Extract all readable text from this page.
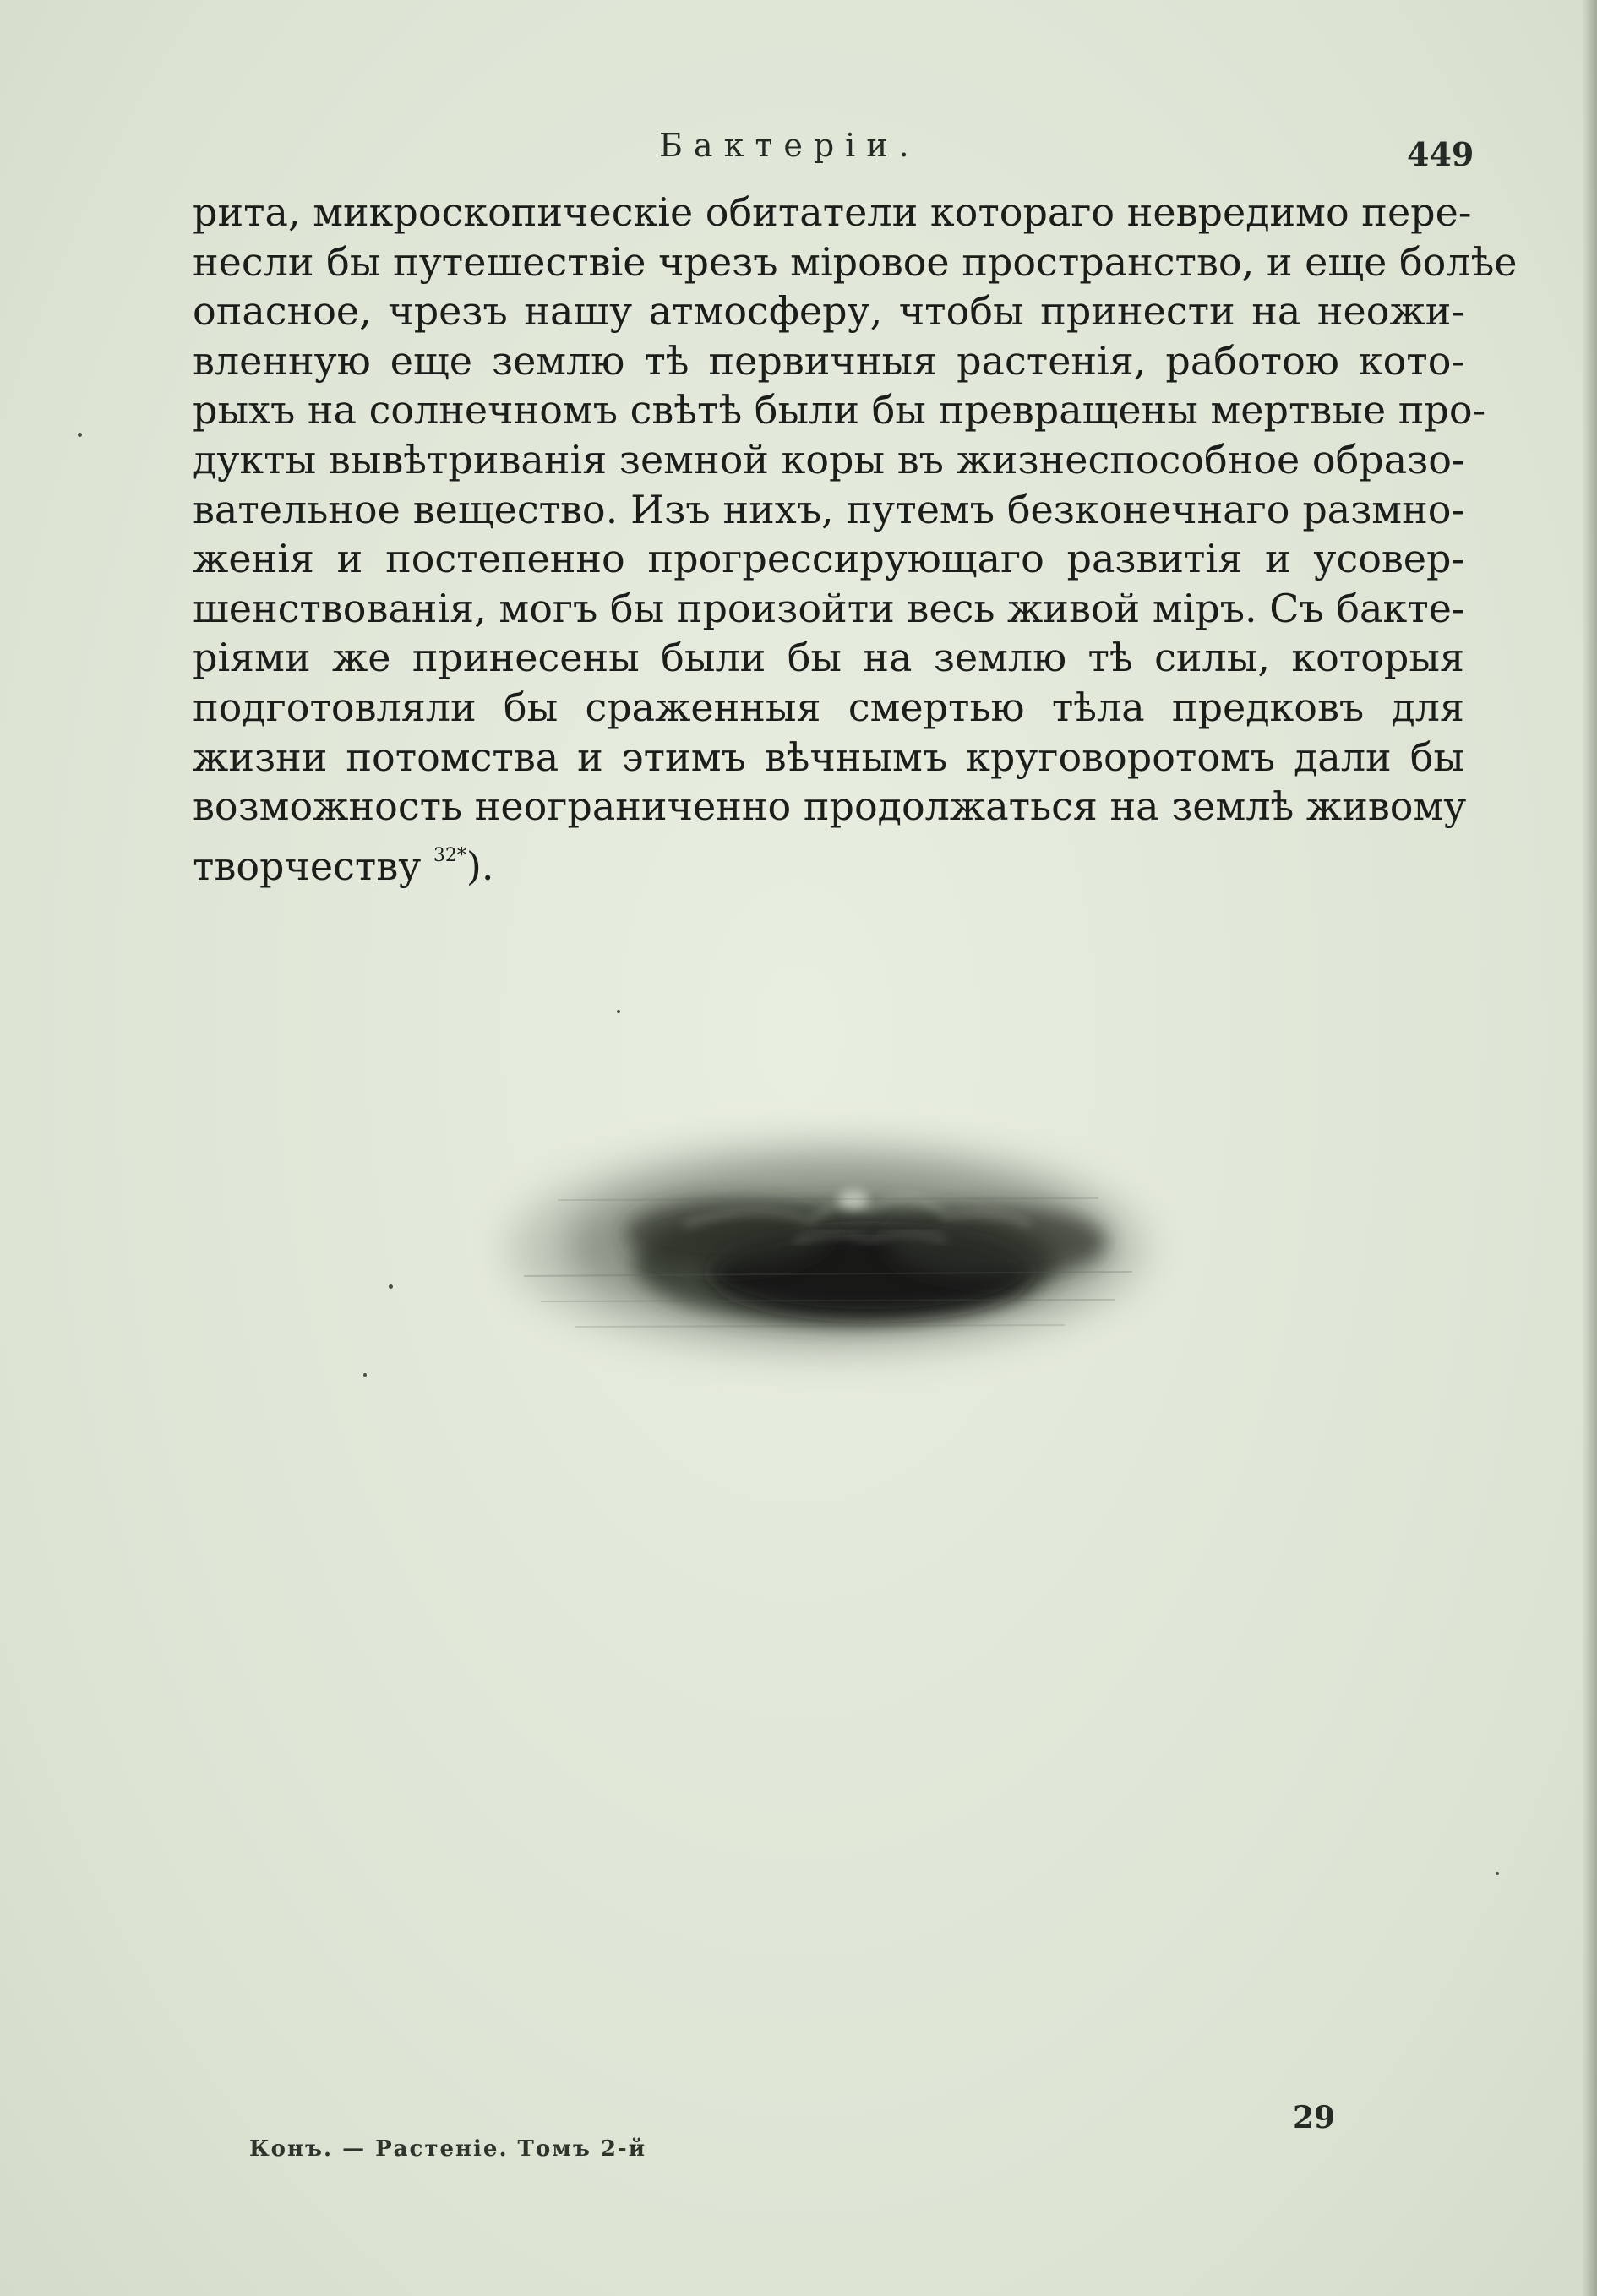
Бактеріи.	449
рита, микроскопическіе обитатели котораго невредимо пере-
несли бы путешествіе чрезъ міровое пространство, и еще болѣе
опасное, чрезъ нашу атмосферу, чтобы принести на неожи-
вленную еще землю тѣ первичныя растенія, работою кото-
рыхъ на солнечномъ свѣтѣ были бы превращены мертвые про-
дукты вывѣтриванія земной коры въ жизнеспособное образо-
вательное вещество. Изъ нихъ, путемъ безконечнаго размно-
женія и постепенно прогрессирующаго развитія и усовер-
шенствованія, могъ бы произойти весь живой міръ. Съ бакте-
ріями же принесены были бы на землю тѣ силы, которыя
подготовляли бы сраженныя смертью тѣла предковъ для
жизни потомства и этимъ вѣчнымъ круговоротомъ дали бы
возможность неограниченно продолжаться на землѣ живому
творчеству $^{32*}$).
29
Конъ. — Растеніе. Томъ 2-й
